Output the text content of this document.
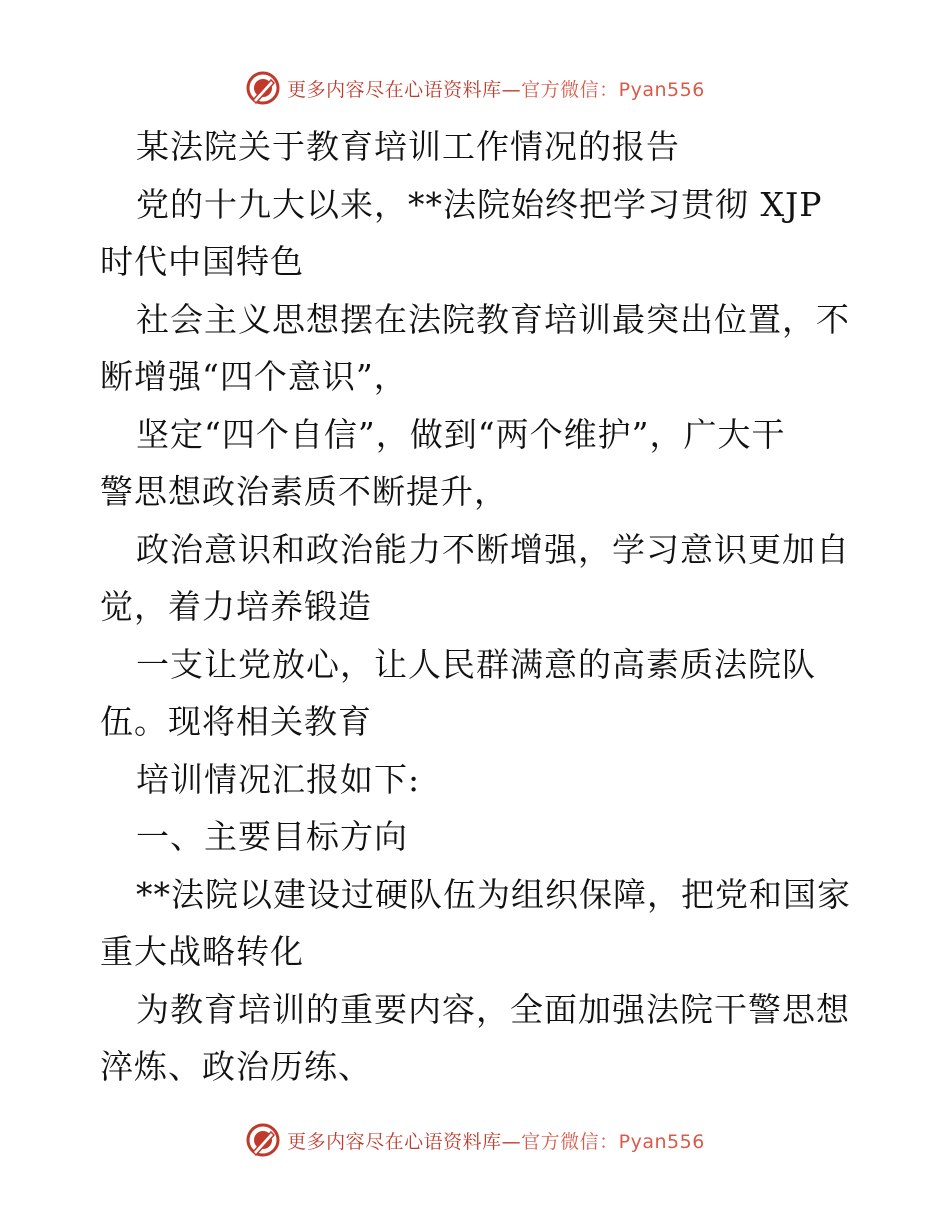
更多内容尽在心语资料库—官方微信：Pyan556
某法院关于教育培训工作情况的报告
党的十九大以来，**法院始终把学习贯彻 XJP
时代中国特色
社会主义思想摆在法院教育培训最突出位置，不
断增强“四个意识”，
坚定“四个自信”，做到“两个维护”，广大干
警思想政治素质不断提升，
政治意识和政治能力不断增强，学习意识更加自
觉，着力培养锻造
一支让党放心，让人民群满意的高素质法院队
伍。现将相关教育
培训情况汇报如下:
一、主要目标方向
**法院以建设过硬队伍为组织保障，把党和国家
重大战略转化
为教育培训的重要内容，全面加强法院干警思想
淬炼、政治历练、
更多内容尽在心语资料库—官方微信：Pyan556
